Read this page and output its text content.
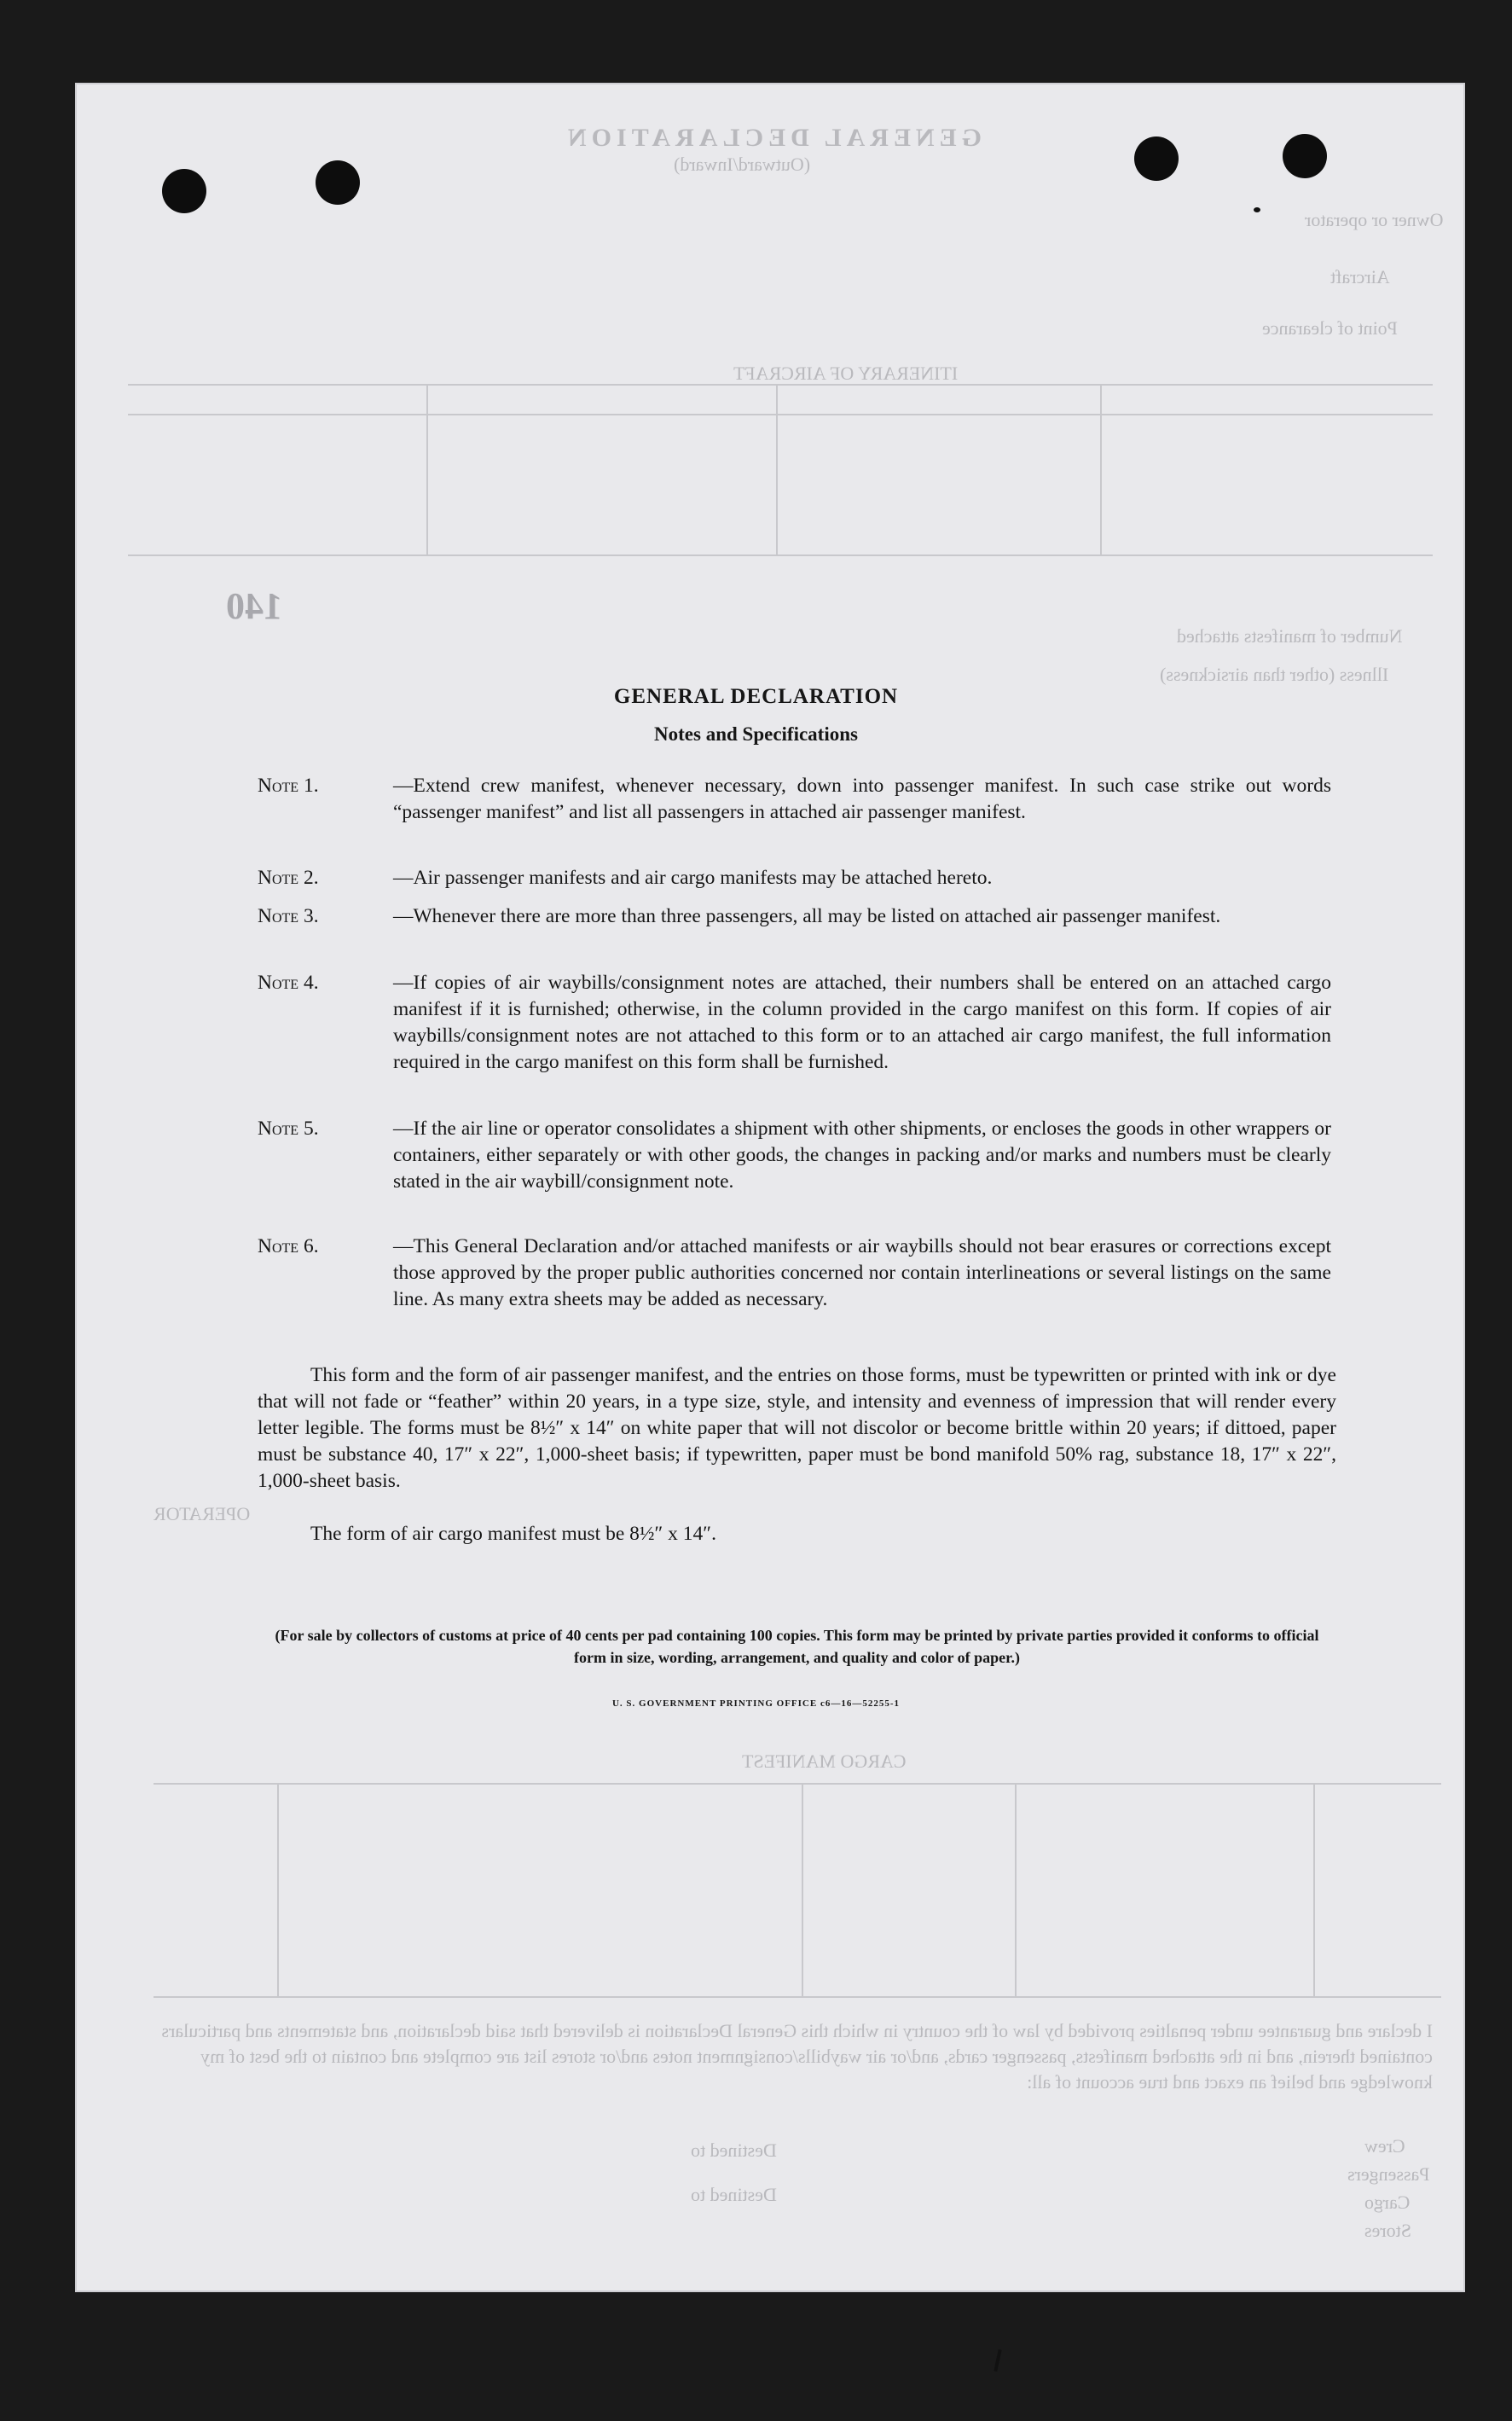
GENERAL DECLARATION
(Outward/Inward)
Owner or operator
Aircraft
Point of clearance
ITINERARY OF AIRCRAFT
140
Number of manifests attached
Illness (other than airsickness)
OPERATOR
CARGO MANIFEST
Destined to
Destined to
Crew
Passengers
Cargo
Stores
I declare and guarantee under penalties provided by law of the country in which this General Declaration is delivered that said declaration, and statements and particulars contained therein, and in the attached manifests, passenger cards, and/or air waybills/consignment notes and/or stores list are complete and contain to the best of my knowledge and belief an exact and true account of all:
GENERAL DECLARATION
Notes and Specifications
Note 1.	—Extend crew manifest, whenever necessary, down into passenger manifest. In such case strike out words “passenger manifest” and list all passengers in attached air passenger manifest.
Note 2.	—Air passenger manifests and air cargo manifests may be attached hereto.
Note 3.	—Whenever there are more than three passengers, all may be listed on attached air passenger manifest.
Note 4.	—If copies of air waybills/consignment notes are attached, their numbers shall be entered on an attached cargo manifest if it is furnished; otherwise, in the column provided in the cargo manifest on this form. If copies of air waybills/consignment notes are not attached to this form or to an attached air cargo manifest, the full information required in the cargo manifest on this form shall be furnished.
Note 5.	—If the air line or operator consolidates a shipment with other shipments, or encloses the goods in other wrappers or containers, either separately or with other goods, the changes in packing and/or marks and numbers must be clearly stated in the air waybill/consignment note.
Note 6.	—This General Declaration and/or attached manifests or air waybills should not bear erasures or corrections except those approved by the proper public authorities concerned nor contain interlineations or several listings on the same line. As many extra sheets may be added as necessary.
This form and the form of air passenger manifest, and the entries on those forms, must be typewritten or printed with ink or dye that will not fade or “feather” within 20 years, in a type size, style, and intensity and evenness of impression that will render every letter legible. The forms must be 8½″ x 14″ on white paper that will not discolor or become brittle within 20 years; if dittoed, paper must be substance 40, 17″ x 22″, 1,000-sheet basis; if typewritten, paper must be bond manifold 50% rag, substance 18, 17″ x 22″, 1,000-sheet basis.
The form of air cargo manifest must be 8½″ x 14″.
(For sale by collectors of customs at price of 40 cents per pad containing 100 copies. This form may be printed by private parties provided it conforms to official form in size, wording, arrangement, and quality and color of paper.)
U. S. GOVERNMENT PRINTING OFFICE c6—16—52255-1
